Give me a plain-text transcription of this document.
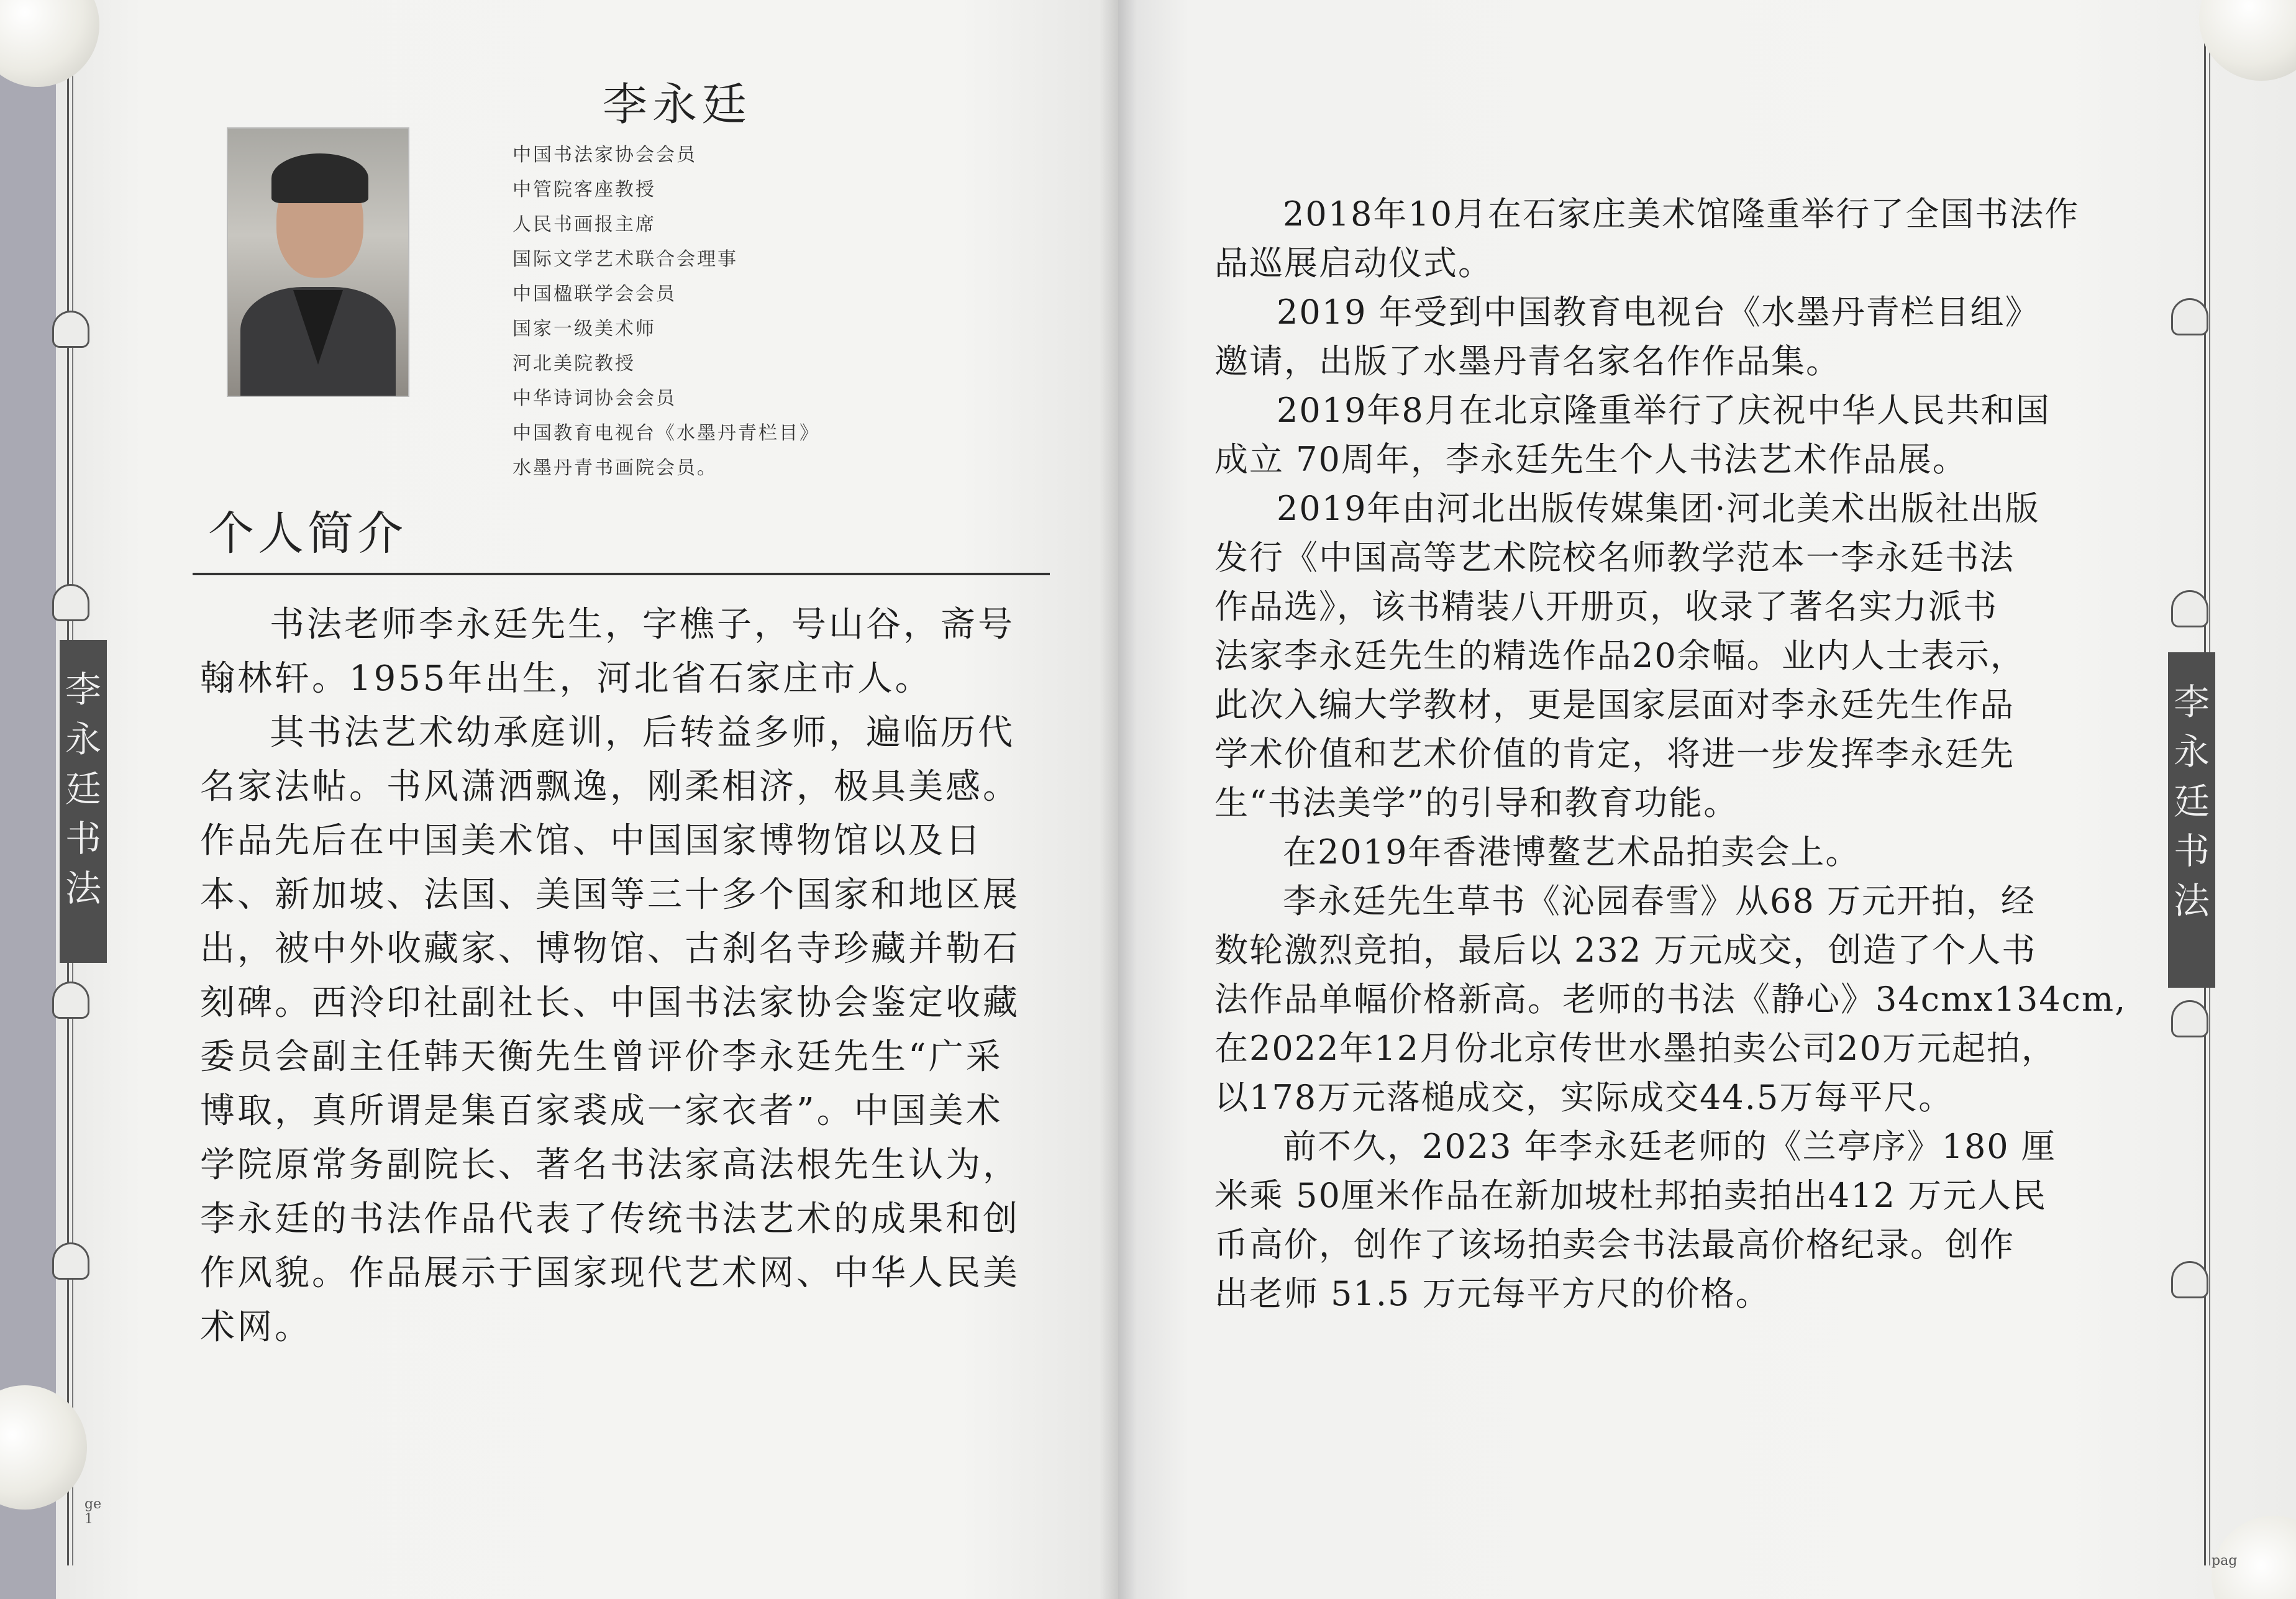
李
永
廷
书
法
李
永
廷
书
法
李永廷
中国书法家协会会员
中管院客座教授
人民书画报主席
国际文学艺术联合会理事
中国楹联学会会员
国家一级美术师
河北美院教授
中华诗词协会会员
中国教育电视台《水墨丹青栏目》
水墨丹青书画院会员。
个人简介
书法老师李永廷先生，字樵子，号山谷，斋号
翰林轩。1955年出生，河北省石家庄市人。
其书法艺术幼承庭训，后转益多师，遍临历代
名家法帖。书风潇洒飘逸，刚柔相济，极具美感。
作品先后在中国美术馆、中国国家博物馆以及日
本、新加坡、法国、美国等三十多个国家和地区展
出，被中外收藏家、博物馆、古刹名寺珍藏并勒石
刻碑。西泠印社副社长、中国书法家协会鉴定收藏
委员会副主任韩天衡先生曾评价李永廷先生“广采
博取，真所谓是集百家裘成一家衣者”。中国美术
学院原常务副院长、著名书法家高法根先生认为，
李永廷的书法作品代表了传统书法艺术的成果和创
作风貌。作品展示于国家现代艺术网、中华人民美
术网。
ge
1
2018年10月在石家庄美术馆隆重举行了全国书法作
品巡展启动仪式。
2019 年受到中国教育电视台《水墨丹青栏目组》
邀请，出版了水墨丹青名家名作作品集。
2019年8月在北京隆重举行了庆祝中华人民共和国
成立 70周年，李永廷先生个人书法艺术作品展。
2019年由河北出版传媒集团·河北美术出版社出版
发行《中国高等艺术院校名师教学范本一李永廷书法
作品选》，该书精装八开册页，收录了著名实力派书
法家李永廷先生的精选作品20余幅。业内人士表示，
此次入编大学教材，更是国家层面对李永廷先生作品
学术价值和艺术价值的肯定，将进一步发挥李永廷先
生“书法美学”的引导和教育功能。
在2019年香港博鳌艺术品拍卖会上。
李永廷先生草书《沁园春雪》从68 万元开拍，经
数轮激烈竞拍，最后以 232 万元成交，创造了个人书
法作品单幅价格新高。老师的书法《静心》34cmx134cm,
在2022年12月份北京传世水墨拍卖公司20万元起拍，
以178万元落槌成交，实际成交44.5万每平尺。
前不久，2023 年李永廷老师的《兰亭序》180 厘
米乘 50厘米作品在新加坡杜邦拍卖拍出412 万元人民
币高价，创作了该场拍卖会书法最高价格纪录。创作
出老师 51.5 万元每平方尺的价格。
pag
